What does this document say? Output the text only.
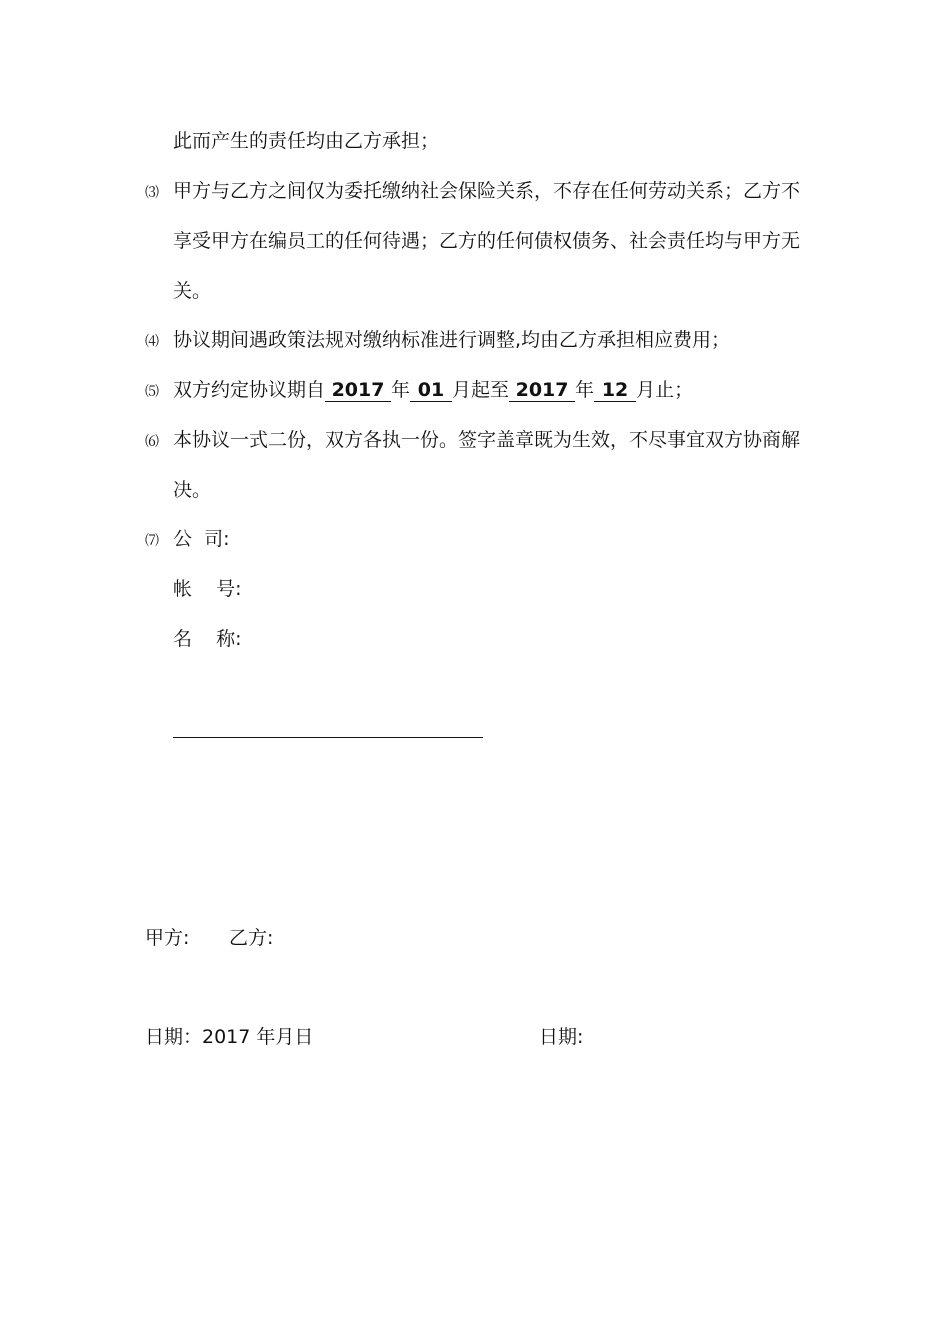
此而产生的责任均由乙方承担；
⑶ 甲方与乙方之间仅为委托缴纳社会保险关系，不存在任何劳动关系；乙方不
享受甲方在编员工的任何待遇；乙方的任何债权债务、社会责任均与甲方无
关。
⑷ 协议期间遇政策法规对缴纳标准进行调整,均由乙方承担相应费用；
⑸ 双方约定协议期自 2017 年 01 月起至 2017 年 12 月止；
⑹ 本协议一式二份，双方各执一份。签字盖章既为生效，不尽事宜双方协商解
决。
⑺ 公  司:
帐    号:
名    称:
甲方: 乙方:
日期：2017 年月日	日期:
